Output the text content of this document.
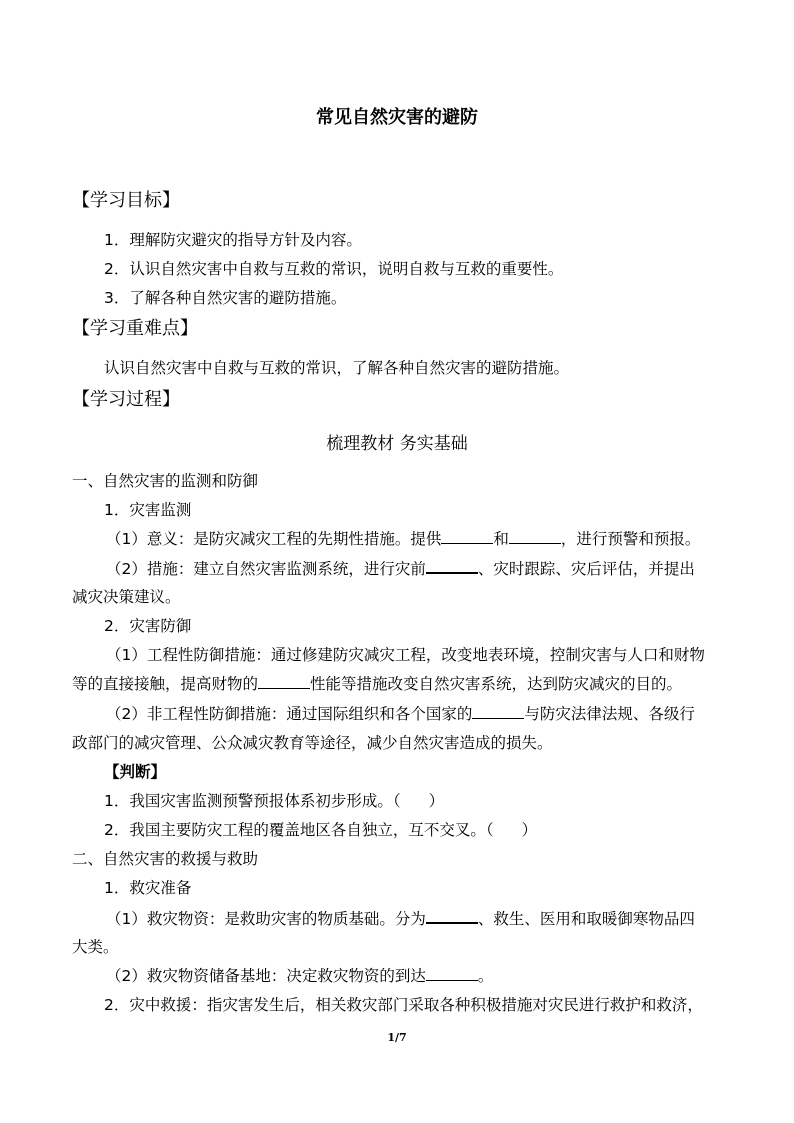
常见自然灾害的避防
【学习目标】
1．理解防灾避灾的指导方针及内容。
2．认识自然灾害中自救与互救的常识，说明自救与互救的重要性。
3．了解各种自然灾害的避防措施。
【学习重难点】
认识自然灾害中自救与互救的常识，了解各种自然灾害的避防措施。
【学习过程】
梳理教材 务实基础
一、自然灾害的监测和防御
1．灾害监测
（1）意义：是防灾减灾工程的先期性措施。提供	和	，进行预警和预报。
（2）措施：建立自然灾害监测系统，进行灾前	、灾时跟踪、灾后评估，并提出
减灾决策建议。
2．灾害防御
（1）工程性防御措施：通过修建防灾减灾工程，改变地表环境，控制灾害与人口和财物
等的直接接触，提高财物的	性能等措施改变自然灾害系统，达到防灾减灾的目的。
（2）非工程性防御措施：通过国际组织和各个国家的	与防灾法律法规、各级行
政部门的减灾管理、公众减灾教育等途径，减少自然灾害造成的损失。
【判断】
1．我国灾害监测预警预报体系初步形成。（ ）
2．我国主要防灾工程的覆盖地区各自独立，互不交叉。（ ）
二、自然灾害的救援与救助
1．救灾准备
（1）救灾物资：是救助灾害的物质基础。分为	、救生、医用和取暖御寒物品四
大类。
（2）救灾物资储备基地：决定救灾物资的到达	。
2．灾中救援：指灾害发生后，相关救灾部门采取各种积极措施对灾民进行救护和救济，
1/7
